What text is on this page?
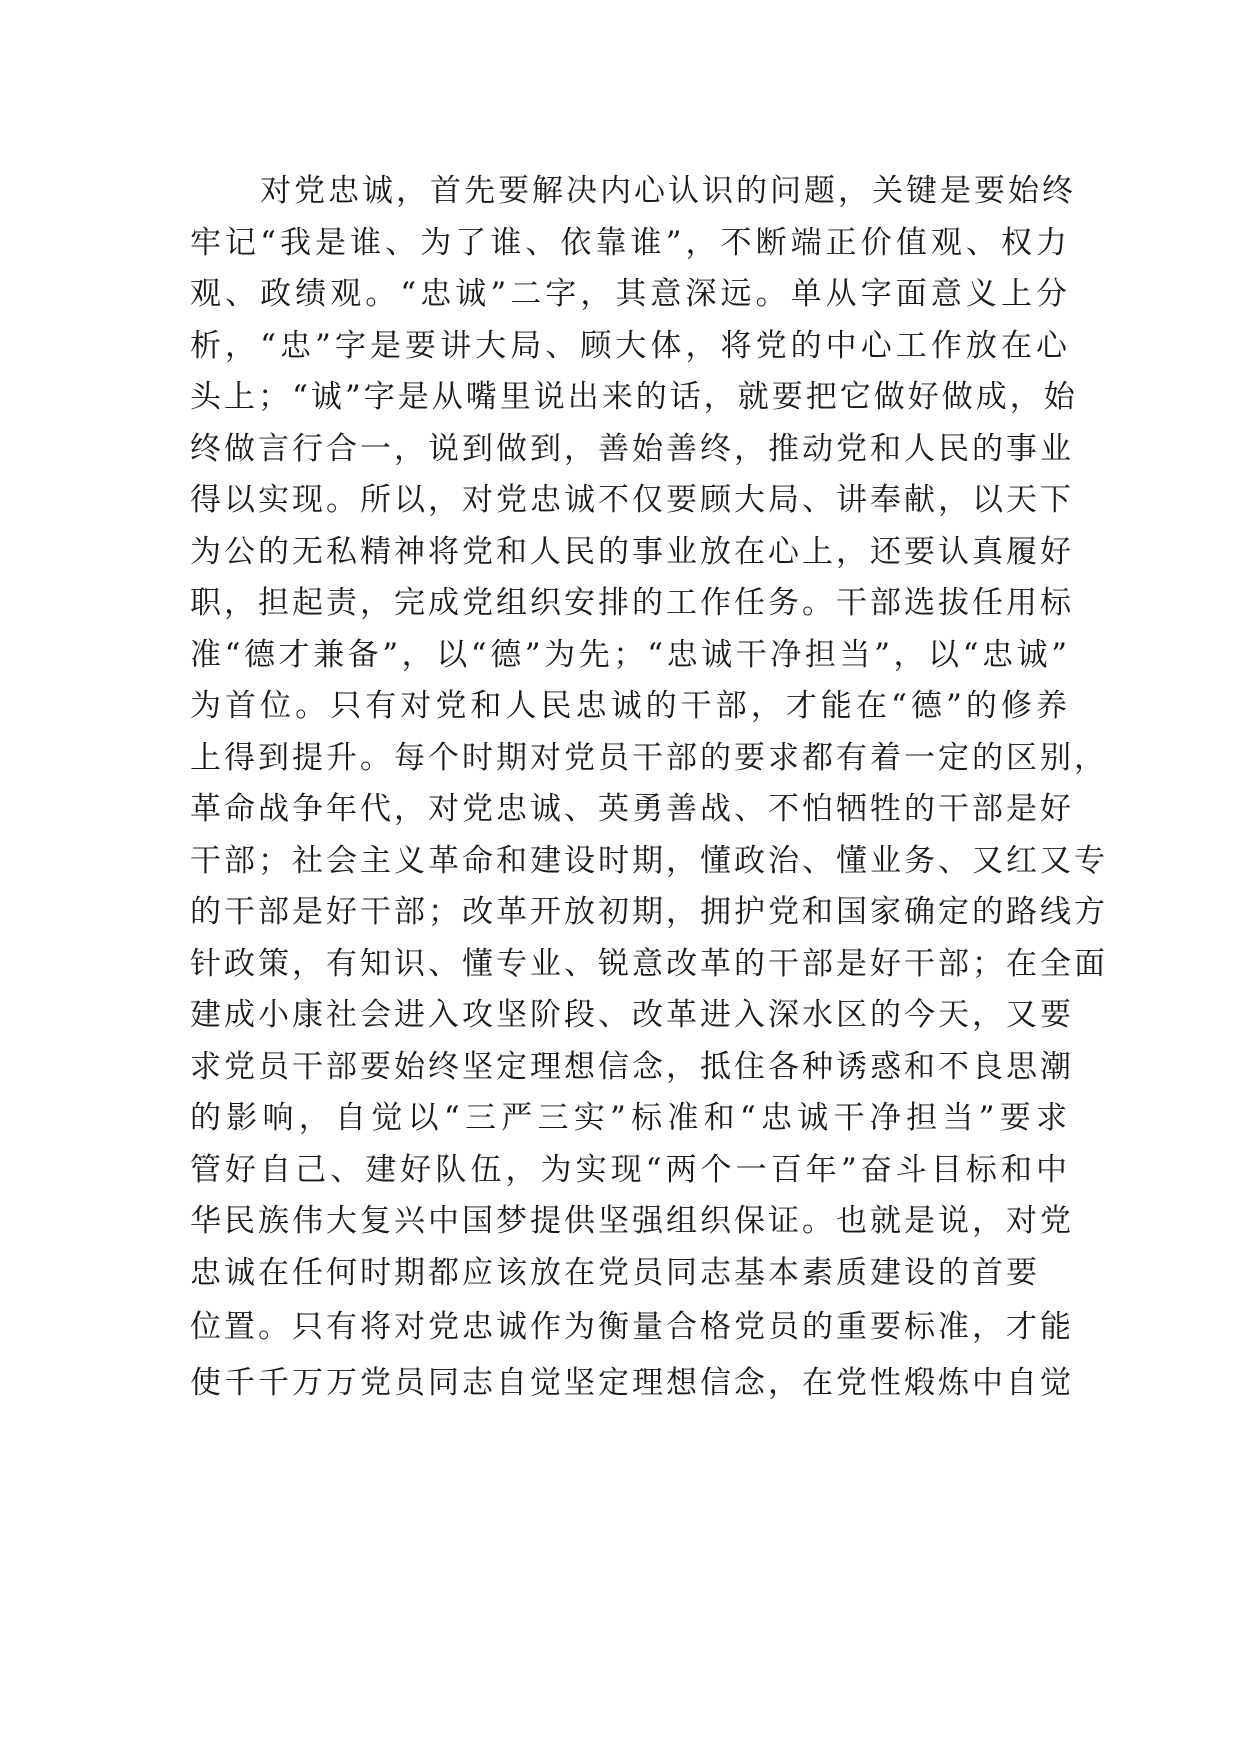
对党忠诚，首先要解决内心认识的问题，关键是要始终
牢记“我是谁、为了谁、依靠谁”，不断端正价值观、权力
观、政绩观。“忠诚”二字，其意深远。单从字面意义上分
析，“忠”字是要讲大局、顾大体，将党的中心工作放在心
头上；“诚”字是从嘴里说出来的话，就要把它做好做成，始
终做言行合一，说到做到，善始善终，推动党和人民的事业
得以实现。所以，对党忠诚不仅要顾大局、讲奉献，以天下
为公的无私精神将党和人民的事业放在心上，还要认真履好
职，担起责，完成党组织安排的工作任务。干部选拔任用标
准“德才兼备”，以“德”为先；“忠诚干净担当”，以“忠诚”
为首位。只有对党和人民忠诚的干部，才能在“德”的修养
上得到提升。每个时期对党员干部的要求都有着一定的区别，
革命战争年代，对党忠诚、英勇善战、不怕牺牲的干部是好
干部；社会主义革命和建设时期，懂政治、懂业务、又红又专
的干部是好干部；改革开放初期，拥护党和国家确定的路线方
针政策，有知识、懂专业、锐意改革的干部是好干部；在全面
建成小康社会进入攻坚阶段、改革进入深水区的今天，又要
求党员干部要始终坚定理想信念，抵住各种诱惑和不良思潮
的影响，自觉以“三严三实”标准和“忠诚干净担当”要求
管好自己、建好队伍，为实现“两个一百年”奋斗目标和中
华民族伟大复兴中国梦提供坚强组织保证。也就是说，对党
忠诚在任何时期都应该放在党员同志基本素质建设的首要
位置。只有将对党忠诚作为衡量合格党员的重要标准，才能
使千千万万党员同志自觉坚定理想信念，在党性煅炼中自觉
